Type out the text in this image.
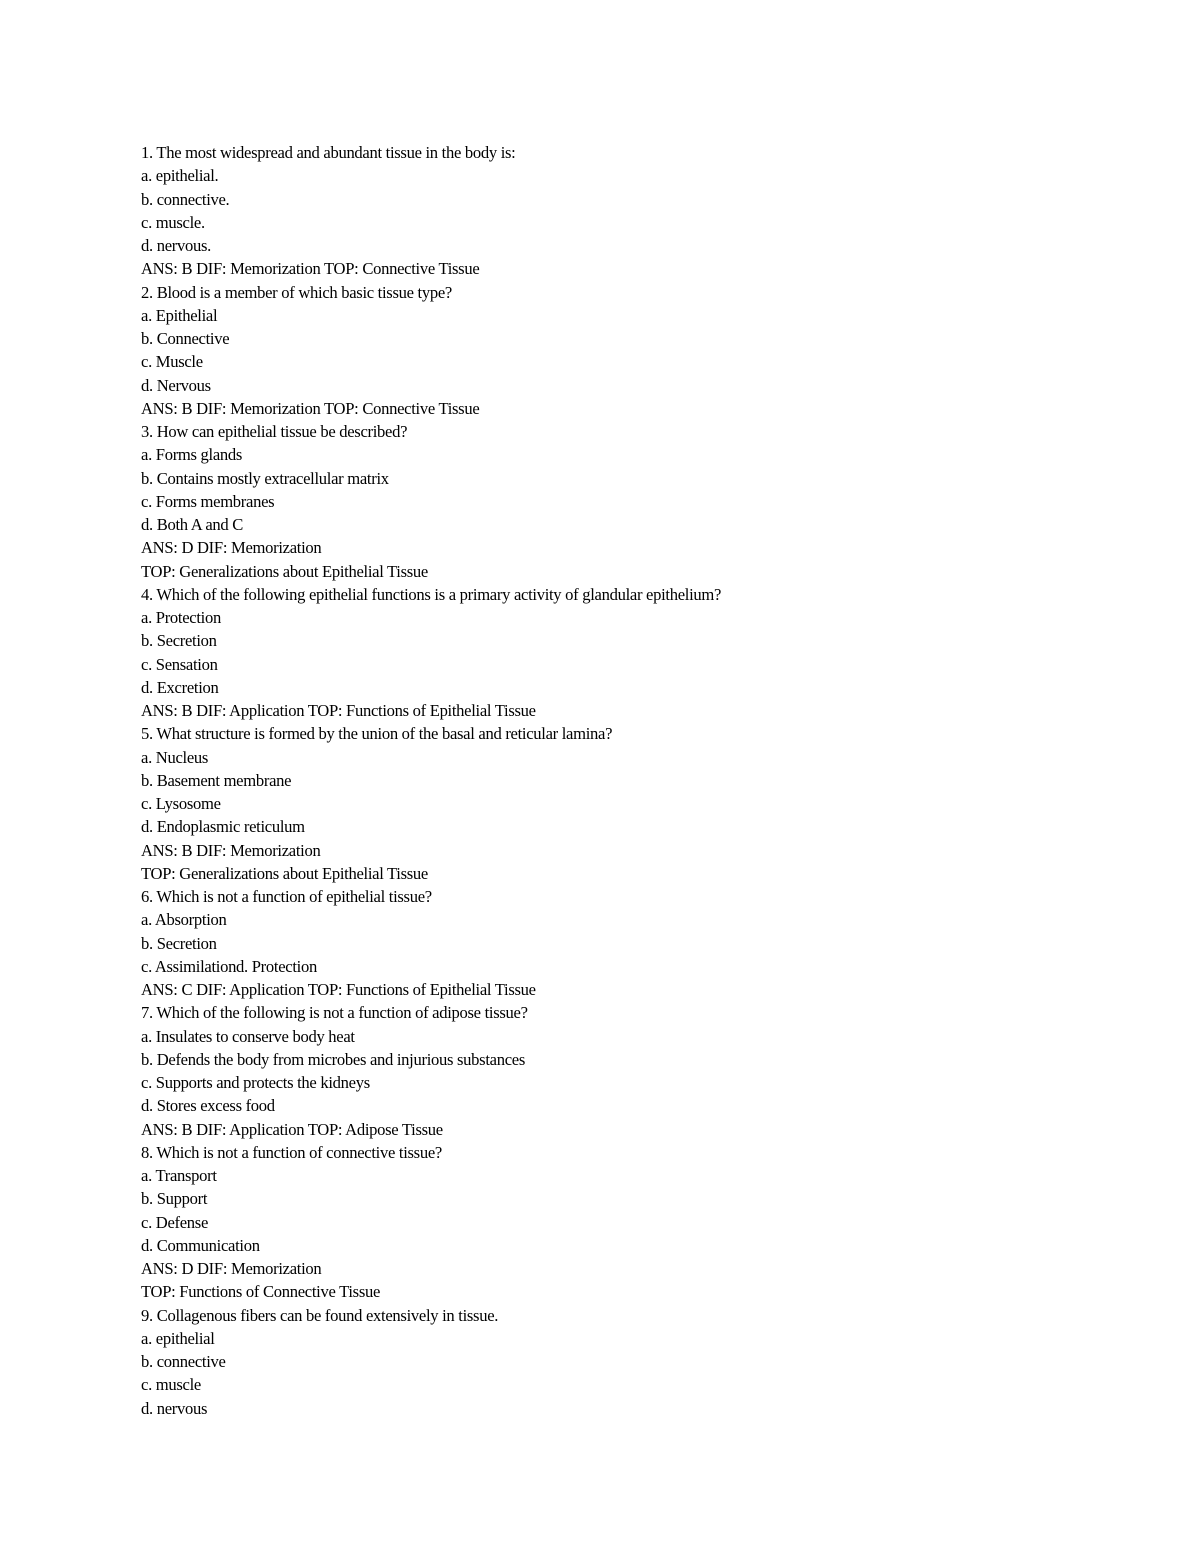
1. The most widespread and abundant tissue in the body is:
a. epithelial.
b. connective.
c. muscle.
d. nervous.
ANS: B DIF: Memorization TOP: Connective Tissue
2. Blood is a member of which basic tissue type?
a. Epithelial
b. Connective
c. Muscle
d. Nervous
ANS: B DIF: Memorization TOP: Connective Tissue
3. How can epithelial tissue be described?
a. Forms glands
b. Contains mostly extracellular matrix
c. Forms membranes
d. Both A and C
ANS: D DIF: Memorization
TOP: Generalizations about Epithelial Tissue
4. Which of the following epithelial functions is a primary activity of glandular epithelium?
a. Protection
b. Secretion
c. Sensation
d. Excretion
ANS: B DIF: Application TOP: Functions of Epithelial Tissue
5. What structure is formed by the union of the basal and reticular lamina?
a. Nucleus
b. Basement membrane
c. Lysosome
d. Endoplasmic reticulum
ANS: B DIF: Memorization
TOP: Generalizations about Epithelial Tissue
6. Which is not a function of epithelial tissue?
a. Absorption
b. Secretion
c. Assimilationd. Protection
ANS: C DIF: Application TOP: Functions of Epithelial Tissue
7. Which of the following is not a function of adipose tissue?
a. Insulates to conserve body heat
b. Defends the body from microbes and injurious substances
c. Supports and protects the kidneys
d. Stores excess food
ANS: B DIF: Application TOP: Adipose Tissue
8. Which is not a function of connective tissue?
a. Transport
b. Support
c. Defense
d. Communication
ANS: D DIF: Memorization
TOP: Functions of Connective Tissue
9. Collagenous fibers can be found extensively in tissue.
a. epithelial
b. connective
c. muscle
d. nervous
